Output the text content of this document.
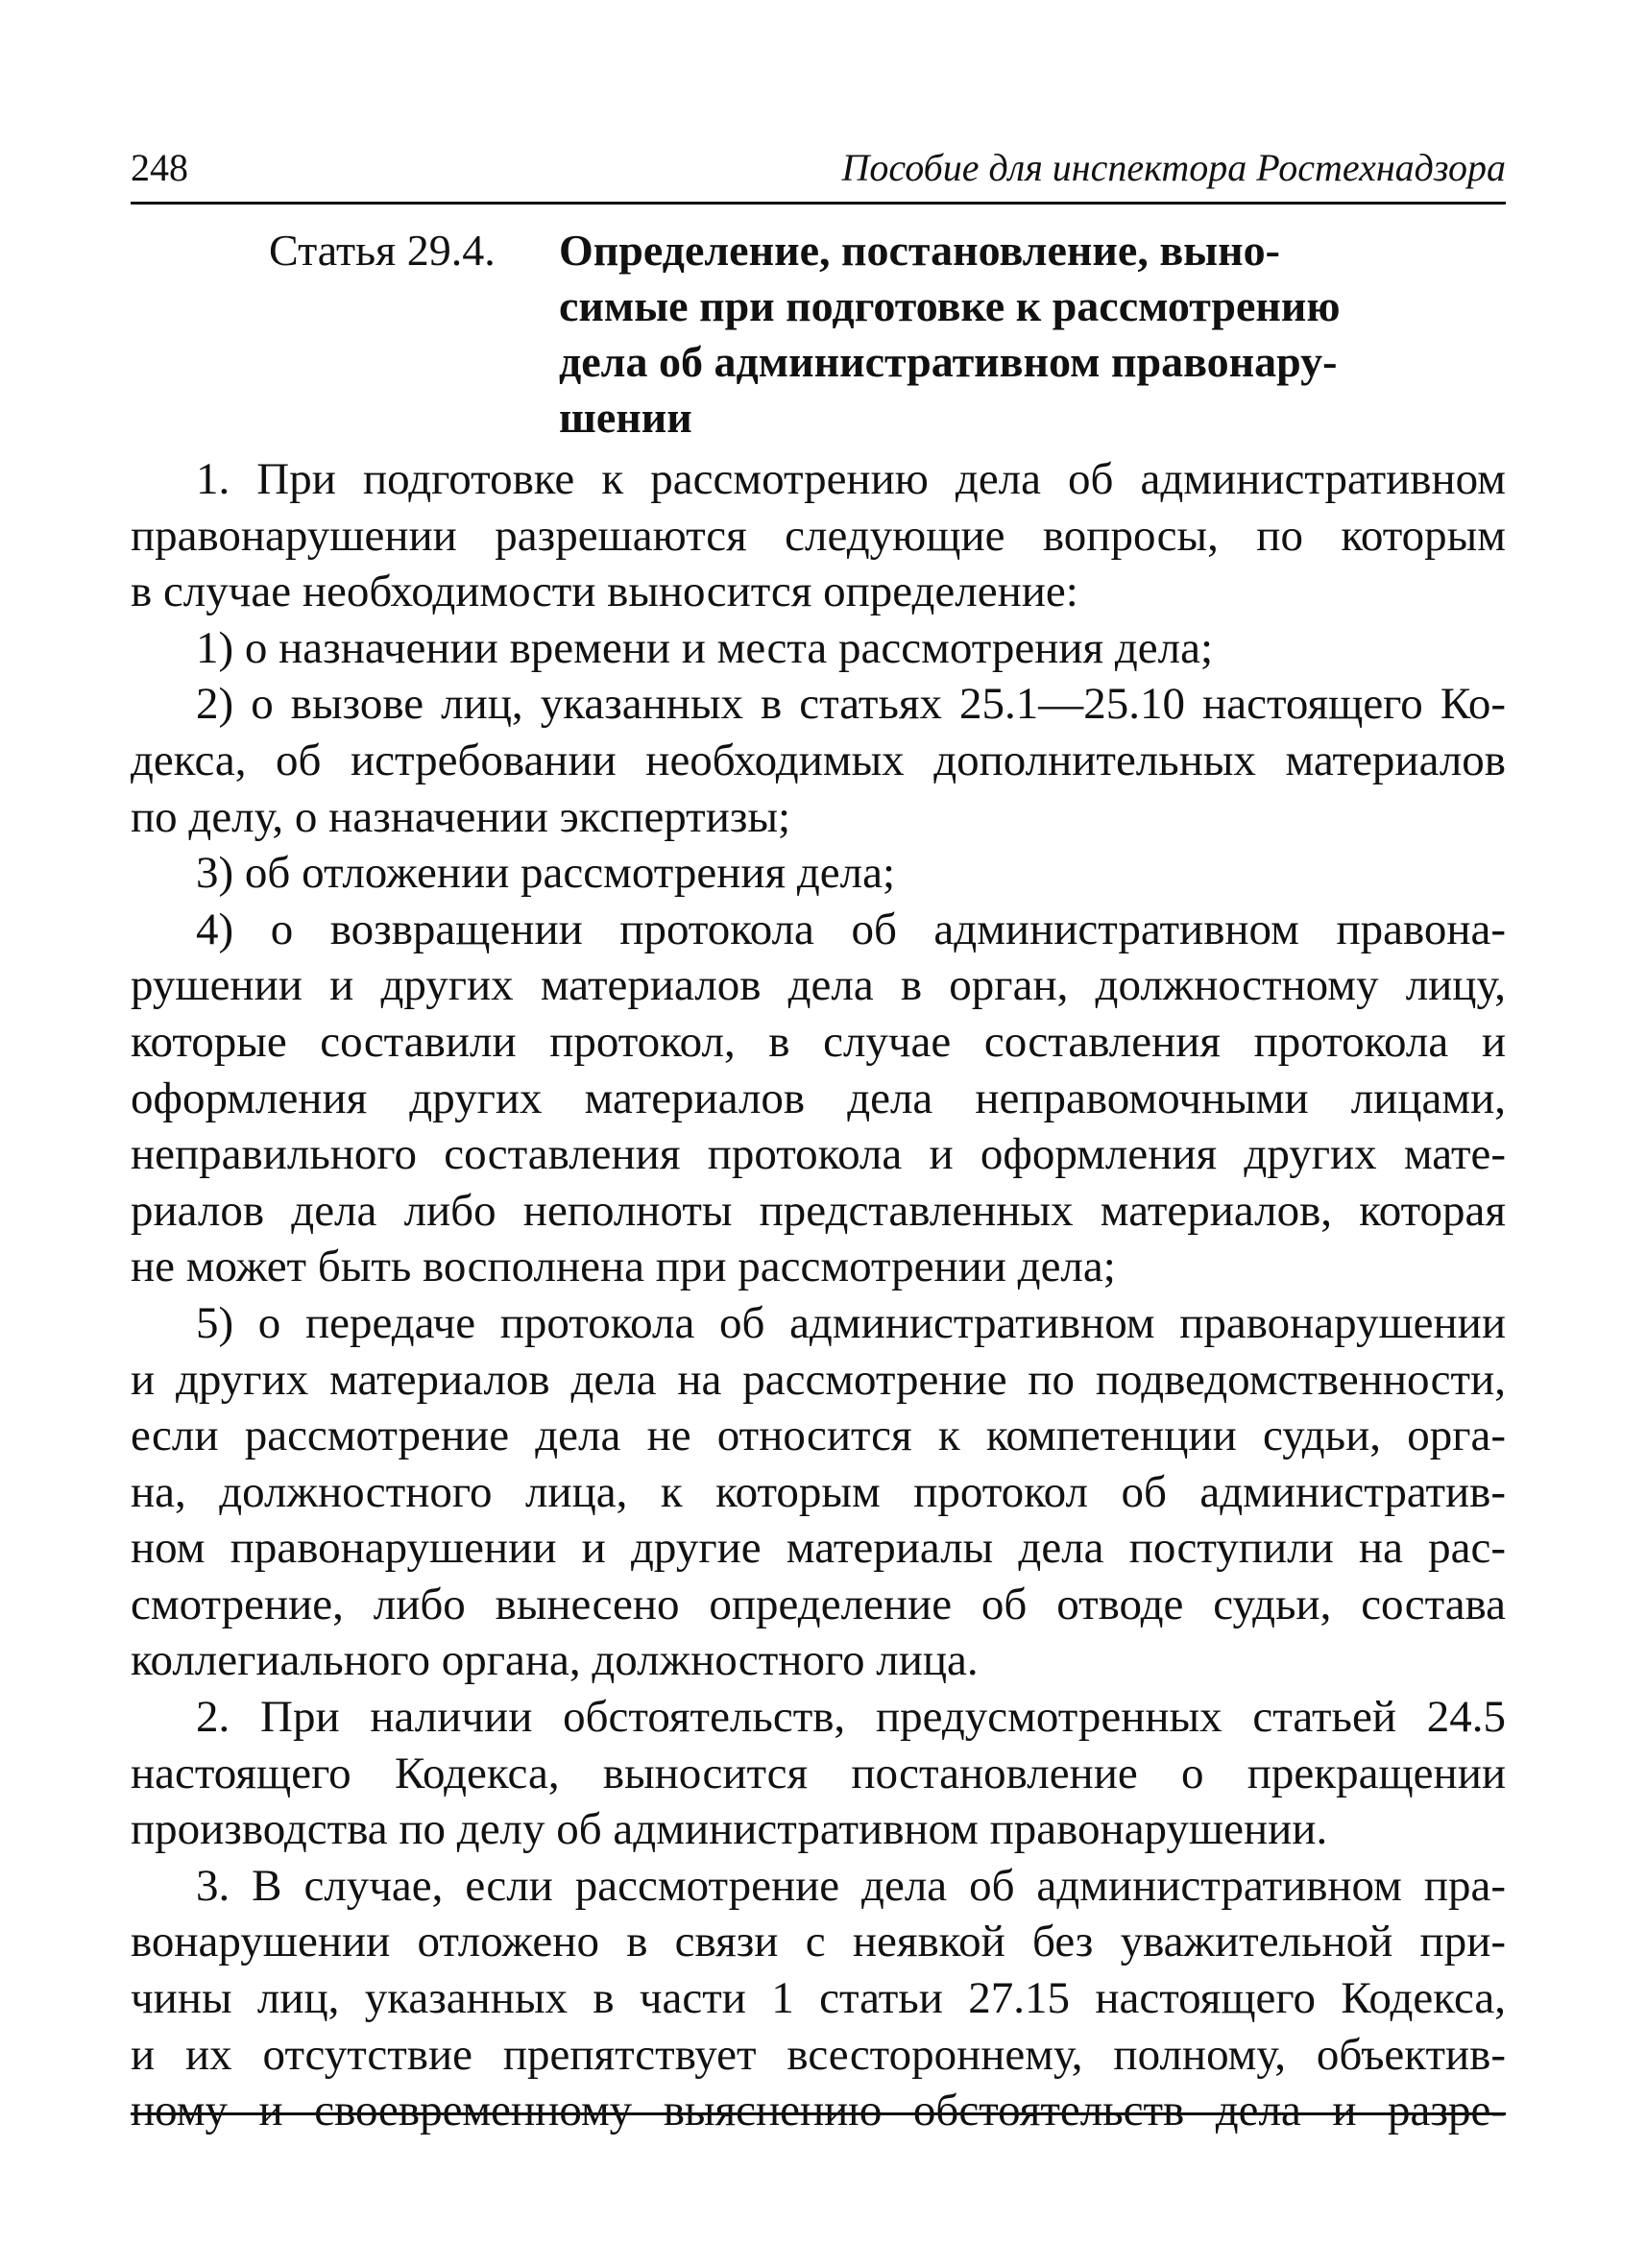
248	Пособие для инспектора Ростехнадзора
Статья 29.4. Определение, постановление, выно-
симые при подготовке к рассмотрению
дела об административном правонару-
шении

1. При подготовке к рассмотрению дела об административном
правонарушении разрешаются следующие вопросы, по которым
в случае необходимости выносится определение:

1) о назначении времени и места рассмотрения дела;

2) о вызове лиц, указанных в статьях 25.1—25.10 настоящего Ко-
декса, об истребовании необходимых дополнительных материалов
по делу, о назначении экспертизы;

3) об отложении рассмотрения дела;

4) о возвращении протокола об административном правона-
рушении и других материалов дела в орган, должностному лицу,
которые составили протокол, в случае составления протокола и
оформления других материалов дела неправомочными лицами,
неправильного составления протокола и оформления других мате-
риалов дела либо неполноты представленных материалов, которая
не может быть восполнена при рассмотрении дела;

5) о передаче протокола об административном правонарушении
и других материалов дела на рассмотрение по подведомственности,
если рассмотрение дела не относится к компетенции судьи, орга-
на, должностного лица, к которым протокол об административ-
ном правонарушении и другие материалы дела поступили на рас-
смотрение, либо вынесено определение об отводе судьи, состава
коллегиального органа, должностного лица.

2. При наличии обстоятельств, предусмотренных статьей 24.5
настоящего Кодекса, выносится постановление о прекращении
производства по делу об административном правонарушении.

3. В случае, если рассмотрение дела об административном пра-
вонарушении отложено в связи с неявкой без уважительной при-
чины лиц, указанных в части 1 статьи 27.15 настоящего Кодекса,
и их отсутствие препятствует всестороннему, полному, объектив-
ному и своевременному выяснению обстоятельств дела и разре-
